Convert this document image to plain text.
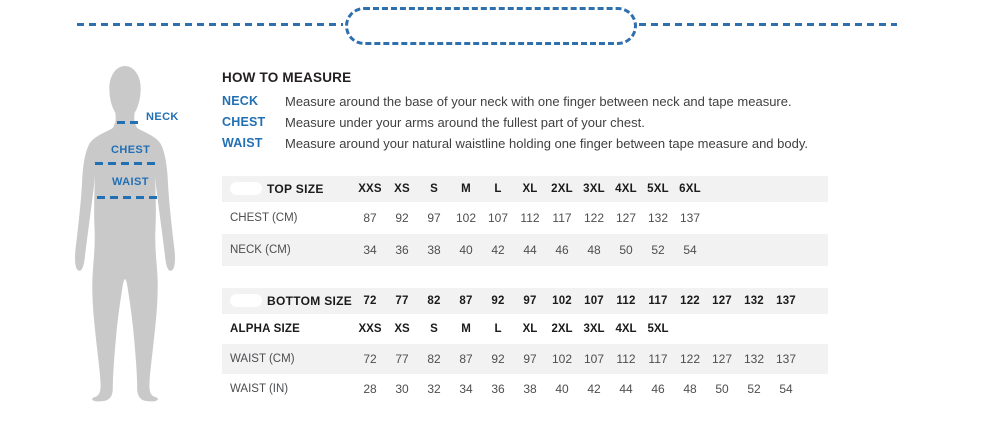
NECK
CHEST
WAIST
HOW TO MEASURE
NECK	Measure around the base of your neck with one finger between neck and tape measure.
CHEST	Measure under your arms around the fullest part of your chest.
WAIST	Measure around your natural waistline holding one finger between tape measure and body.
TOP SIZE	XXS	XS	S	M	L	XL	2XL	3XL	4XL	5XL	6XL				
CHEST (CM)	87	92	97	102	107	112	117	122	127	132	137				
NECK (CM)	34	36	38	40	42	44	46	48	50	52	54				
BOTTOM SIZE	72	77	82	87	92	97	102	107	112	117	122	127	132	137	
ALPHA SIZE	XXS	XS	S	M	L	XL	2XL	3XL	4XL	5XL					
WAIST (CM)	72	77	82	87	92	97	102	107	112	117	122	127	132	137	
WAIST (IN)	28	30	32	34	36	38	40	42	44	46	48	50	52	54	
